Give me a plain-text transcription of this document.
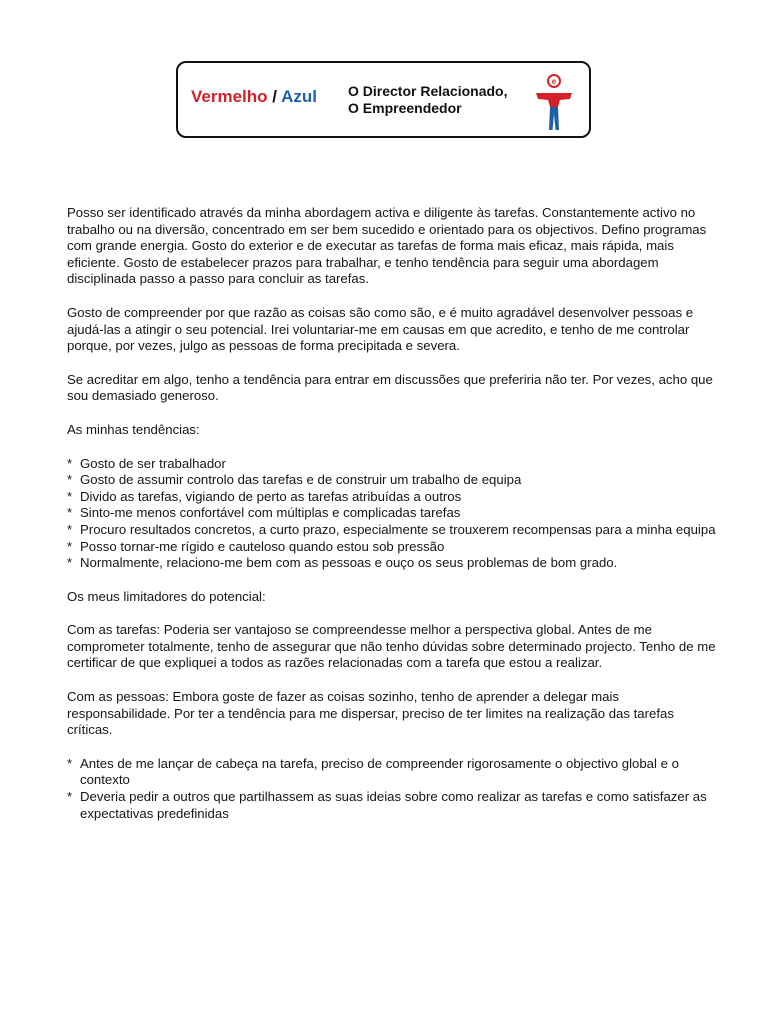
Vermelho / Azul O Director Relacionado,
O Empreendedor
e

Posso ser identificado através da minha abordagem activa e diligente às tarefas. Constantemente activo no trabalho ou na diversão, concentrado em ser bem sucedido e orientado para os objectivos. Defino programas com grande energia. Gosto do exterior e de executar as tarefas de forma mais eficaz, mais rápida, mais eficiente. Gosto de estabelecer prazos para trabalhar, e tenho tendência para seguir uma abordagem disciplinada passo a passo para concluir as tarefas.

Gosto de compreender por que razão as coisas são como são, e é muito agradável desenvolver pessoas e ajudá-las a atingir o seu potencial. Irei voluntariar-me em causas em que acredito, e tenho de me controlar porque, por vezes, julgo as pessoas de forma precipitada e severa.

Se acreditar em algo, tenho a tendência para entrar em discussões que preferiria não ter. Por vezes, acho que sou demasiado generoso.

As minhas tendências:

* Gosto de ser trabalhador
* Gosto de assumir controlo das tarefas e de construir um trabalho de equipa
* Divido as tarefas, vigiando de perto as tarefas atribuídas a outros
* Sinto-me menos confortável com múltiplas e complicadas tarefas
* Procuro resultados concretos, a curto prazo, especialmente se trouxerem recompensas para a minha equipa
* Posso tornar-me rígido e cauteloso quando estou sob pressão
* Normalmente, relaciono-me bem com as pessoas e ouço os seus problemas de bom grado.

Os meus limitadores do potencial:

Com as tarefas: Poderia ser vantajoso se compreendesse melhor a perspectiva global. Antes de me comprometer totalmente, tenho de assegurar que não tenho dúvidas sobre determinado projecto. Tenho de me certificar de que expliquei a todos as razões relacionadas com a tarefa que estou a realizar.

Com as pessoas: Embora goste de fazer as coisas sozinho, tenho de aprender a delegar mais responsabilidade. Por ter a tendência para me dispersar, preciso de ter limites na realização das tarefas críticas.

* Antes de me lançar de cabeça na tarefa, preciso de compreender rigorosamente o objectivo global e o contexto
* Deveria pedir a outros que partilhassem as suas ideias sobre como realizar as tarefas e como satisfazer as expectativas predefinidas
